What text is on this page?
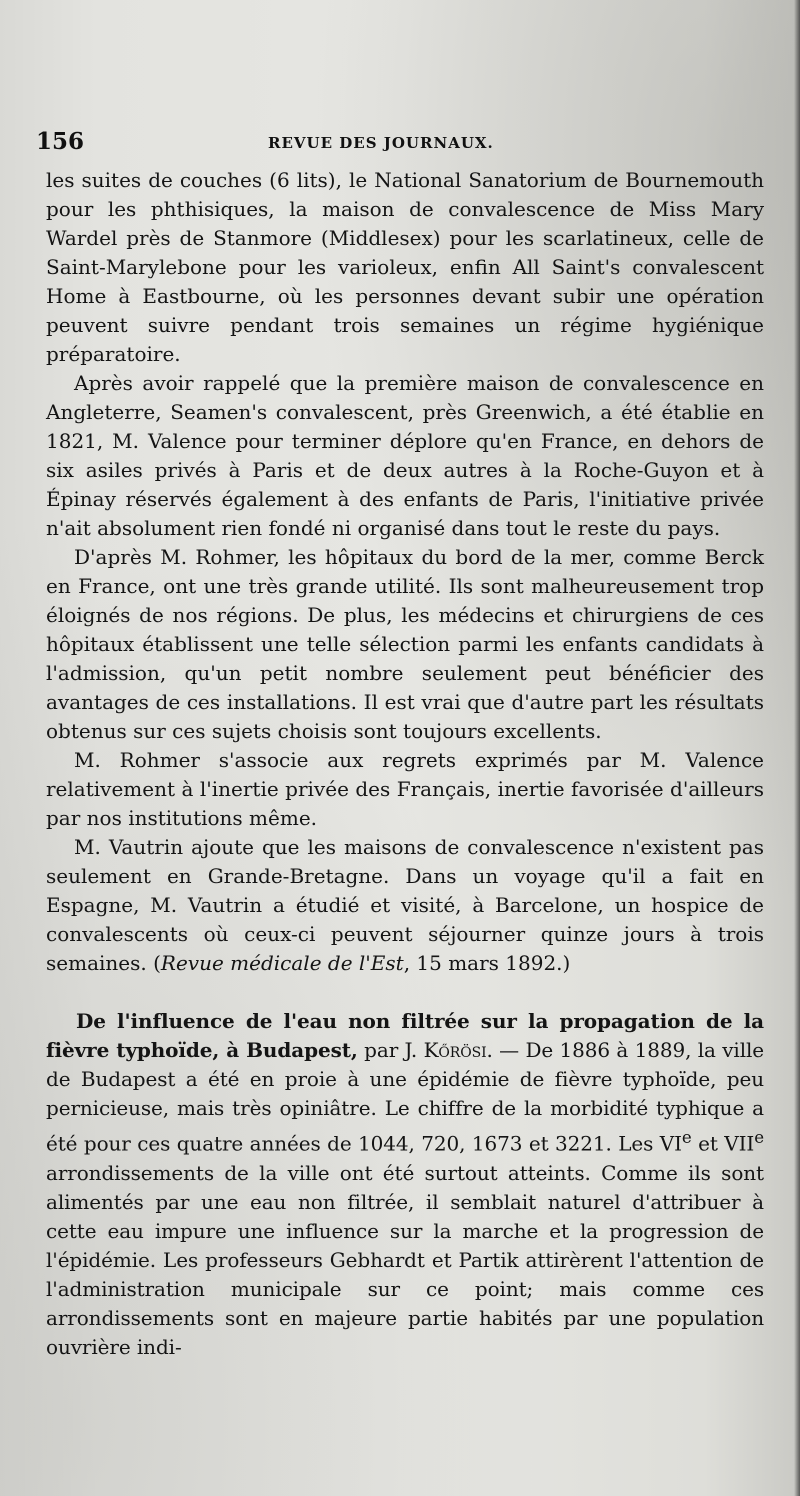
156	REVUE DES JOURNAUX.

les suites de couches (6 lits), le National Sanatorium de Bournemouth pour les phthisiques, la maison de convalescence de Miss Mary Wardel près de Stanmore (Middlesex) pour les scarlatineux, celle de Saint-Marylebone pour les varioleux, enfin All Saint's convalescent Home à Eastbourne, où les personnes devant subir une opération peuvent suivre pendant trois semaines un régime hygiénique préparatoire.

Après avoir rappelé que la première maison de convalescence en Angleterre, Seamen's convalescent, près Greenwich, a été établie en 1821, M. Valence pour terminer déplore qu'en France, en dehors de six asiles privés à Paris et de deux autres à la Roche-Guyon et à Épinay réservés également à des enfants de Paris, l'initiative privée n'ait absolument rien fondé ni organisé dans tout le reste du pays.

D'après M. Rohmer, les hôpitaux du bord de la mer, comme Berck en France, ont une très grande utilité. Ils sont malheureusement trop éloignés de nos régions. De plus, les médecins et chirurgiens de ces hôpitaux établissent une telle sélection parmi les enfants candidats à l'admission, qu'un petit nombre seulement peut bénéficier des avantages de ces installations. Il est vrai que d'autre part les résultats obtenus sur ces sujets choisis sont toujours excellents.

M. Rohmer s'associe aux regrets exprimés par M. Valence relativement à l'inertie privée des Français, inertie favorisée d'ailleurs par nos institutions même.

M. Vautrin ajoute que les maisons de convalescence n'existent pas seulement en Grande-Bretagne. Dans un voyage qu'il a fait en Espagne, M. Vautrin a étudié et visité, à Barcelone, un hospice de convalescents où ceux-ci peuvent séjourner quinze jours à trois semaines. (Revue médicale de l'Est, 15 mars 1892.)

De l'influence de l'eau non filtrée sur la propagation de la fièvre typhoïde, à Budapest, par J. Kőrösi. — De 1886 à 1889, la ville de Budapest a été en proie à une épidémie de fièvre typhoïde, peu pernicieuse, mais très opiniâtre. Le chiffre de la morbidité typhique a été pour ces quatre années de 1044, 720, 1673 et 3221. Les VIe et VIIe arrondissements de la ville ont été surtout atteints. Comme ils sont alimentés par une eau non filtrée, il semblait naturel d'attribuer à cette eau impure une influence sur la marche et la progression de l'épidémie. Les professeurs Gebhardt et Partik attirèrent l'attention de l'administration municipale sur ce point; mais comme ces arrondissements sont en majeure partie habités par une population ouvrière indi-
